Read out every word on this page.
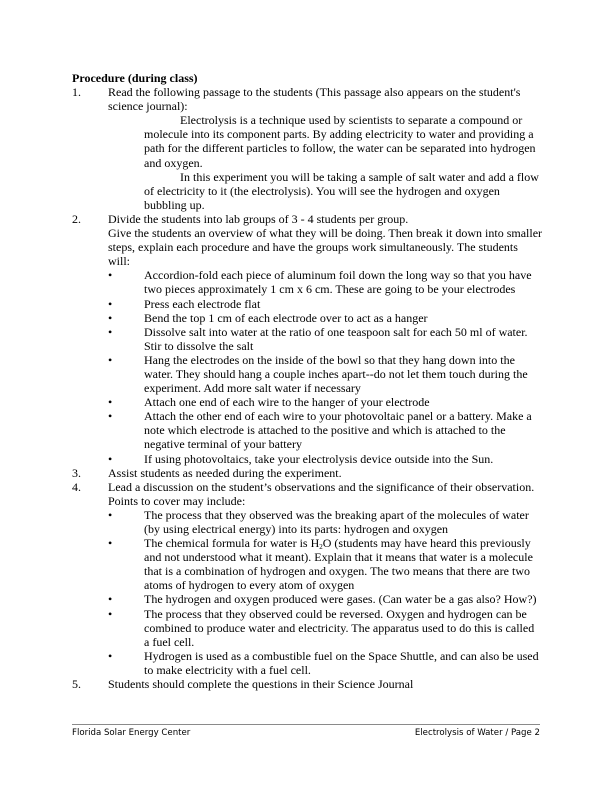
Procedure (during class)
1. Read the following passage to the students (This passage also appears on the student's science journal):

Electrolysis is a technique used by scientists to separate a compound or molecule into its component parts. By adding electricity to water and providing a path for the different particles to follow, the water can be separated into hydrogen and oxygen.

In this experiment you will be taking a sample of salt water and add a flow of electricity to it (the electrolysis). You will see the hydrogen and oxygen bubbling up.

2. Divide the students into lab groups of 3 - 4 students per group.
Give the students an overview of what they will be doing. Then break it down into smaller steps, explain each procedure and have the groups work simultaneously. The students will:
•	Accordion-fold each piece of aluminum foil down the long way so that you have two pieces approximately 1 cm x 6 cm. These are going to be your electrodes
•	Press each electrode flat
•	Bend the top 1 cm of each electrode over to act as a hanger
•	Dissolve salt into water at the ratio of one teaspoon salt for each 50 ml of water. Stir to dissolve the salt
•	Hang the electrodes on the inside of the bowl so that they hang down into the water. They should hang a couple inches apart--do not let them touch during the experiment. Add more salt water if necessary
•	Attach one end of each wire to the hanger of your electrode
•	Attach the other end of each wire to your photovoltaic panel or a battery. Make a note which electrode is attached to the positive and which is attached to the negative terminal of your battery
•	If using photovoltaics, take your electrolysis device outside into the Sun.
3. Assist students as needed during the experiment.
4. Lead a discussion on the student’s observations and the significance of their observation.
Points to cover may include:
•	The process that they observed was the breaking apart of the molecules of water (by using electrical energy) into its parts: hydrogen and oxygen
•	The chemical formula for water is $H_2O$ (students may have heard this previously and not understood what it meant). Explain that it means that water is a molecule that is a combination of hydrogen and oxygen. The two means that there are two atoms of hydrogen to every atom of oxygen
•	The hydrogen and oxygen produced were gases. (Can water be a gas also? How?)
•	The process that they observed could be reversed. Oxygen and hydrogen can be combined to produce water and electricity. The apparatus used to do this is called a fuel cell.
•	Hydrogen is used as a combustible fuel on the Space Shuttle, and can also be used to make electricity with a fuel cell.
5. Students should complete the questions in their Science Journal
Florida Solar Energy Center	Electrolysis of Water / Page 2
